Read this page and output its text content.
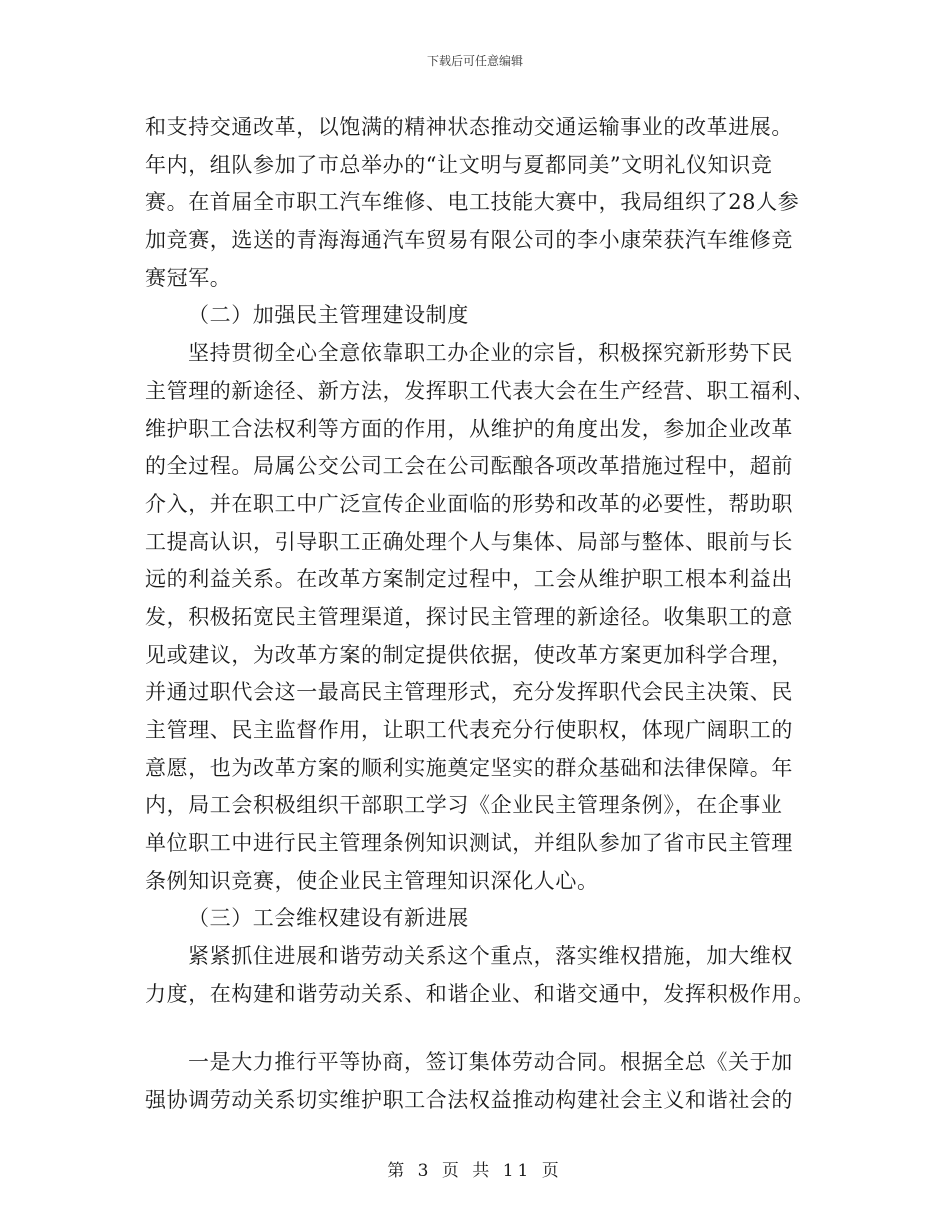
下载后可任意编辑
和支持交通改革，以饱满的精神状态推动交通运输事业的改革进展。
年内，组队参加了市总举办的“让文明与夏都同美”文明礼仪知识竞
赛。在首届全市职工汽车维修、电工技能大赛中，我局组织了28人参
加竞赛，选送的青海海通汽车贸易有限公司的李小康荣获汽车维修竞
赛冠军。
（二）加强民主管理建设制度
坚持贯彻全心全意依靠职工办企业的宗旨，积极探究新形势下民
主管理的新途径、新方法，发挥职工代表大会在生产经营、职工福利、
维护职工合法权利等方面的作用，从维护的角度出发，参加企业改革
的全过程。局属公交公司工会在公司酝酿各项改革措施过程中，超前
介入，并在职工中广泛宣传企业面临的形势和改革的必要性，帮助职
工提高认识，引导职工正确处理个人与集体、局部与整体、眼前与长
远的利益关系。在改革方案制定过程中，工会从维护职工根本利益出
发，积极拓宽民主管理渠道，探讨民主管理的新途径。收集职工的意
见或建议，为改革方案的制定提供依据，使改革方案更加科学合理，
并通过职代会这一最高民主管理形式，充分发挥职代会民主决策、民
主管理、民主监督作用，让职工代表充分行使职权，体现广阔职工的
意愿，也为改革方案的顺利实施奠定坚实的群众基础和法律保障。年
内，局工会积极组织干部职工学习《企业民主管理条例》，在企事业
单位职工中进行民主管理条例知识测试，并组队参加了省市民主管理
条例知识竞赛，使企业民主管理知识深化人心。
（三）工会维权建设有新进展
紧紧抓住进展和谐劳动关系这个重点，落实维权措施，加大维权
力度，在构建和谐劳动关系、和谐企业、和谐交通中，发挥积极作用。
一是大力推行平等协商，签订集体劳动合同。根据全总《关于加
强协调劳动关系切实维护职工合法权益推动构建社会主义和谐社会的
第 3 页 共 11 页
